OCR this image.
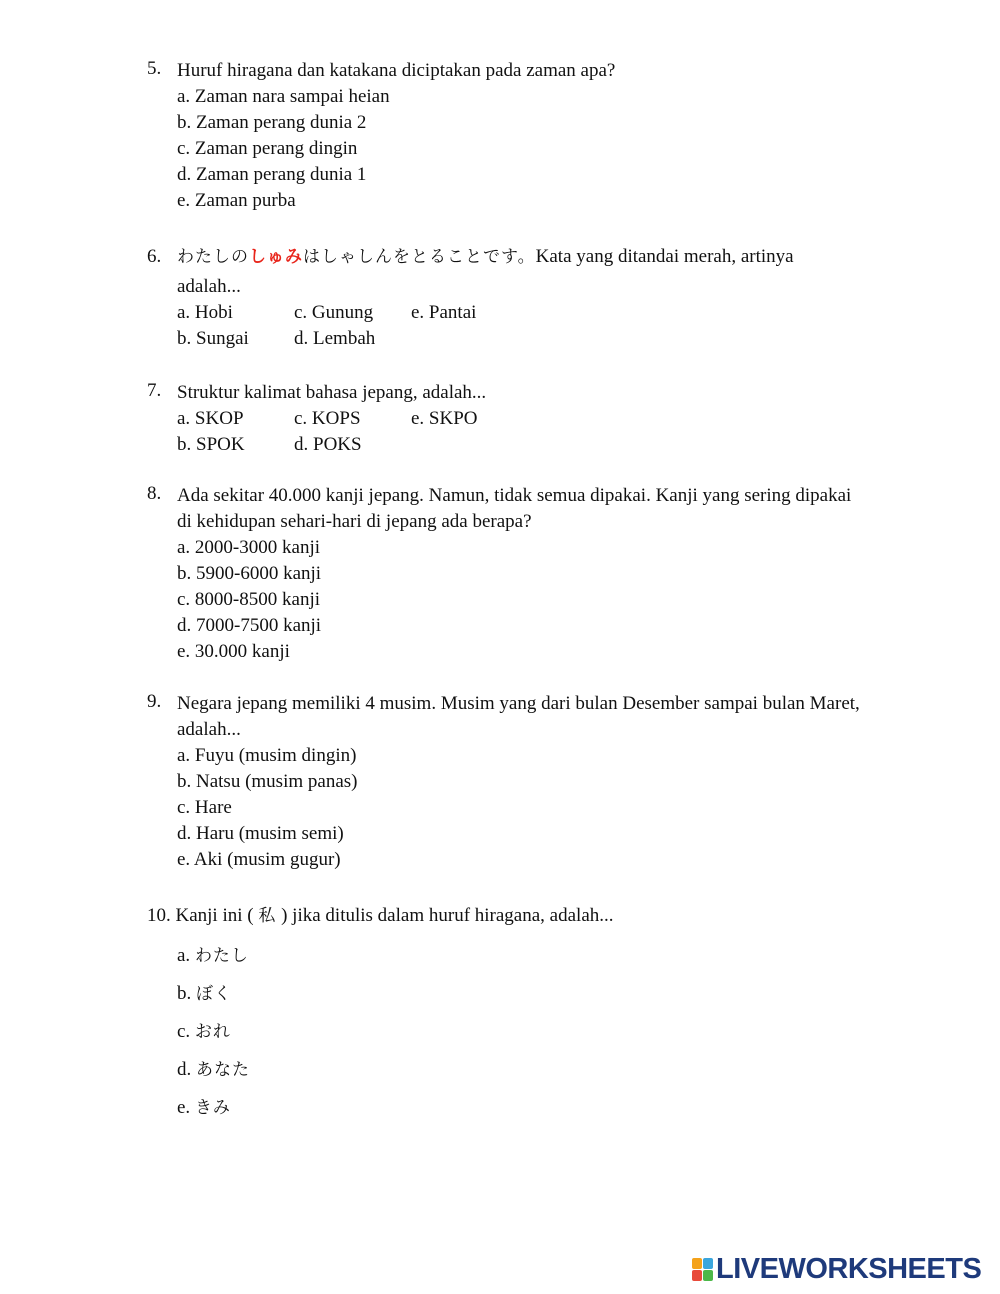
5. Huruf hiragana dan katakana diciptakan pada zaman apa?
a. Zaman nara sampai heian
b. Zaman perang dunia 2
c. Zaman perang dingin
d. Zaman perang dunia 1
e. Zaman purba
6. わたしのしゅみはしゃしんをとることです。Kata yang ditandai merah, artinya
adalah...
a. Hobi	c. Gunung	e. Pantai
b. Sungai	d. Lembah
7. Struktur kalimat bahasa jepang, adalah...
a. SKOP	c. KOPS	e. SKPO
b. SPOK	d. POKS
8. Ada sekitar 40.000 kanji jepang. Namun, tidak semua dipakai. Kanji yang sering dipakai
di kehidupan sehari-hari di jepang ada berapa?
a. 2000-3000 kanji
b. 5900-6000 kanji
c. 8000-8500 kanji
d. 7000-7500 kanji
e. 30.000 kanji
9. Negara jepang memiliki 4 musim. Musim yang dari bulan Desember sampai bulan Maret,
adalah...
a. Fuyu (musim dingin)
b. Natsu (musim panas)
c. Hare
d. Haru (musim semi)
e. Aki (musim gugur)
10. Kanji ini ( 私 ) jika ditulis dalam huruf hiragana, adalah...
a. わたし
b. ぼく
c. おれ
d. あなた
e. きみ
LIVEWORKSHEETS
